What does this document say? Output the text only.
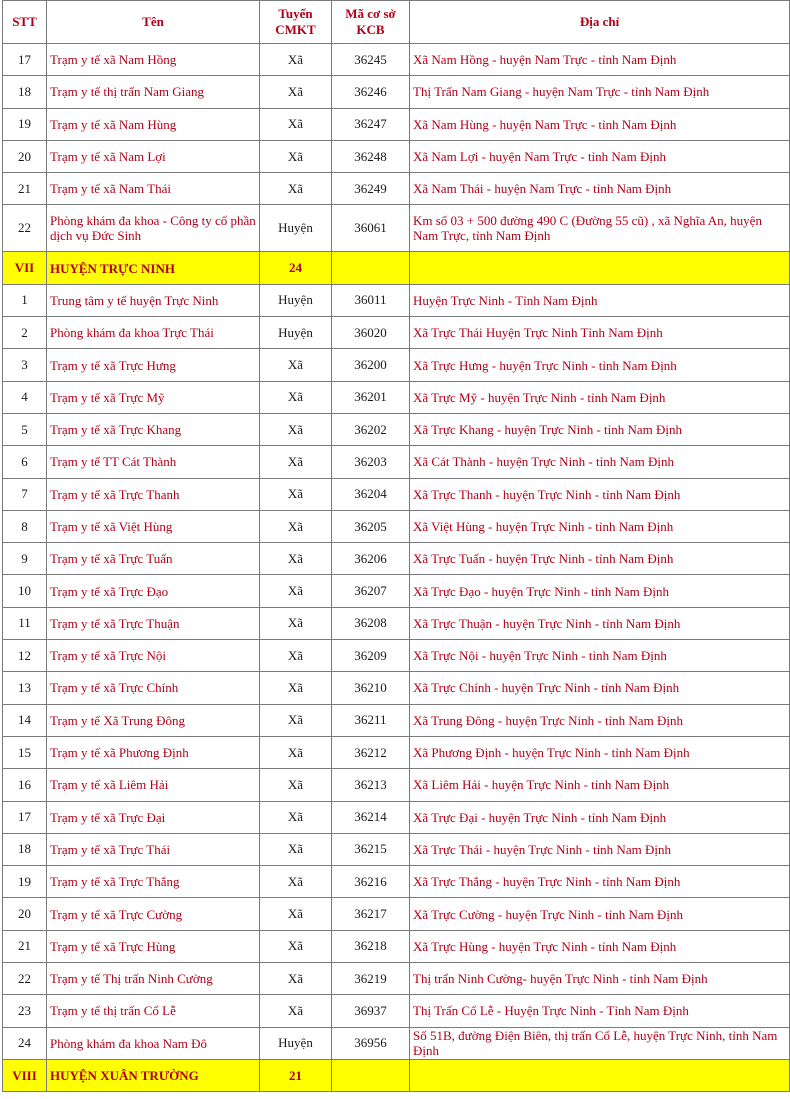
STT	Tên	Tuyến CMKT	Mã cơ sở KCB	Địa chỉ
17	Trạm y tế xã Nam Hồng	Xã	36245	Xã Nam Hồng - huyện Nam Trực - tỉnh Nam Định
18	Trạm y tế thị trấn Nam Giang	Xã	36246	Thị Trấn Nam Giang - huyện Nam Trực - tỉnh Nam Định
19	Trạm y tế xã Nam Hùng	Xã	36247	Xã Nam Hùng - huyện Nam Trực - tỉnh Nam Định
20	Trạm y tế xã Nam Lợi	Xã	36248	Xã Nam Lợi - huyện Nam Trực - tỉnh Nam Định
21	Trạm y tế xã Nam Thái	Xã	36249	Xã Nam Thái - huyện Nam Trực - tỉnh Nam Định
22	Phòng khám đa khoa - Công ty cổ phần dịch vụ Đức Sinh	Huyện	36061	Km số 03 + 500 đường 490 C (Đường 55 cũ) , xã Nghĩa An, huyện Nam Trực, tỉnh Nam Định
VII	HUYỆN TRỰC NINH	24		
1	Trung tâm y tế huyện Trực Ninh	Huyện	36011	Huyện Trực Ninh - Tỉnh Nam Định
2	Phòng khám đa khoa Trực Thái	Huyện	36020	Xã Trực Thái Huyện Trực Ninh Tỉnh Nam Định
3	Trạm y tế xã Trực Hưng	Xã	36200	Xã Trực Hưng - huyện Trực Ninh - tỉnh Nam Định
4	Trạm y tế xã Trực Mỹ	Xã	36201	Xã Trực Mỹ - huyện Trực Ninh - tỉnh Nam Định
5	Trạm y tế xã Trực Khang	Xã	36202	Xã Trực Khang - huyện Trực Ninh - tỉnh Nam Định
6	Trạm y tế TT Cát Thành	Xã	36203	Xã Cát Thành - huyện Trực Ninh - tỉnh Nam Định
7	Trạm y tế xã Trực Thanh	Xã	36204	Xã Trực Thanh - huyện Trực Ninh - tỉnh Nam Định
8	Trạm y tế xã Việt Hùng	Xã	36205	Xã Việt Hùng - huyện Trực Ninh - tỉnh Nam Định
9	Trạm y tế xã Trực Tuấn	Xã	36206	Xã Trực Tuấn - huyện Trực Ninh - tỉnh Nam Định
10	Trạm y tế xã Trực Đạo	Xã	36207	Xã Trực Đạo - huyện Trực Ninh - tỉnh Nam Định
11	Trạm y tế xã Trực Thuận	Xã	36208	Xã Trực Thuận - huyện Trực Ninh - tỉnh Nam Định
12	Trạm y tế xã Trực Nội	Xã	36209	Xã Trực Nội - huyện Trực Ninh - tỉnh Nam Định
13	Trạm y tế xã Trực Chính	Xã	36210	Xã Trực Chính - huyện Trực Ninh - tỉnh Nam Định
14	Trạm y tế Xã Trung Đông	Xã	36211	Xã Trung Đông - huyện Trực Ninh - tỉnh Nam Định
15	Trạm y tế xã Phương Định	Xã	36212	Xã Phương Định - huyện Trực Ninh - tỉnh Nam Định
16	Trạm y tế xã Liêm Hải	Xã	36213	Xã Liêm Hải - huyện Trực Ninh - tỉnh Nam Định
17	Trạm y tế xã Trực Đại	Xã	36214	Xã Trực Đại - huyện Trực Ninh - tỉnh Nam Định
18	Trạm y tế xã Trực Thái	Xã	36215	Xã Trực Thái - huyện Trực Ninh - tỉnh Nam Định
19	Trạm y tế xã Trực Thắng	Xã	36216	Xã Trực Thắng - huyện Trực Ninh - tỉnh Nam Định
20	Trạm y tế xã Trực Cường	Xã	36217	Xã Trực Cường - huyện Trực Ninh - tỉnh Nam Định
21	Trạm y tế xã Trực Hùng	Xã	36218	Xã Trực Hùng - huyện Trực Ninh - tỉnh Nam Định
22	Trạm y tế Thị trấn Ninh Cường	Xã	36219	Thị trấn Ninh Cường- huyện Trực Ninh - tỉnh Nam Định
23	Trạm y tế thị trấn Cổ Lễ	Xã	36937	Thị Trấn Cổ Lễ - Huyện Trực Ninh - Tỉnh Nam Định
24	Phòng khám đa khoa Nam Đô	Huyện	36956	Số 51B, đường Điện Biên, thị trấn Cổ Lễ, huyện Trực Ninh, tỉnh Nam Định
VIII	HUYỆN XUÂN TRƯỜNG	21		
